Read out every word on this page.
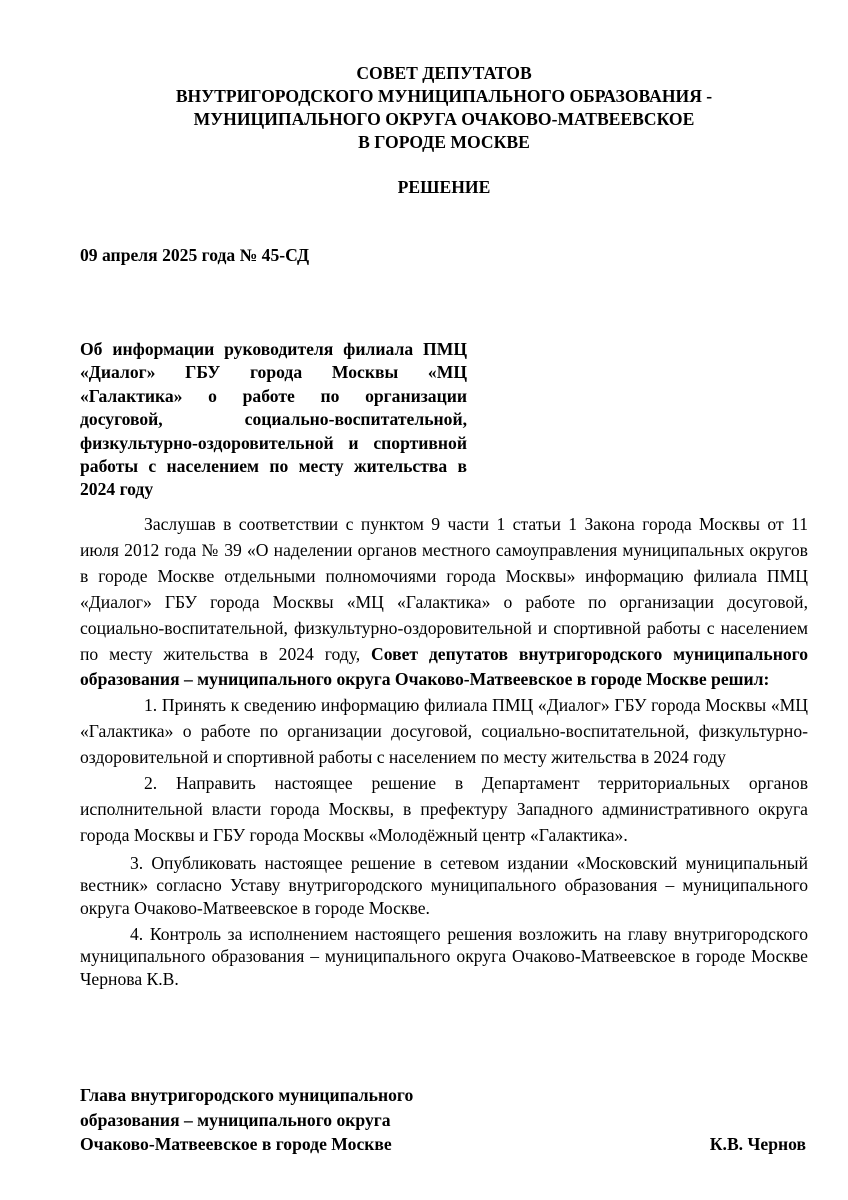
СОВЕТ ДЕПУТАТОВ
ВНУТРИГОРОДСКОГО МУНИЦИПАЛЬНОГО ОБРАЗОВАНИЯ -
МУНИЦИПАЛЬНОГО ОКРУГА ОЧАКОВО-МАТВЕЕВСКОЕ
В ГОРОДЕ МОСКВЕ
РЕШЕНИЕ
09 апреля 2025 года № 45-СД
Об информации руководителя филиала ПМЦ «Диалог» ГБУ города Москвы «МЦ «Галактика» о работе по организации досуговой, социально-воспитательной, физкультурно-оздоровительной и спортивной работы с населением по месту жительства в 2024 году

Заслушав в соответствии с пунктом 9 части 1 статьи 1 Закона города Москвы от 11 июля 2012 года № 39 «О наделении органов местного самоуправления муниципальных округов в городе Москве отдельными полномочиями города Москвы» информацию филиала ПМЦ «Диалог» ГБУ города Москвы «МЦ «Галактика» о работе по организации досуговой, социально-воспитательной, физкультурно-оздоровительной и спортивной работы с населением по месту жительства в 2024 году, Совет депутатов внутригородского муниципального образования – муниципального округа Очаково-Матвеевское в городе Москве решил:

1. Принять к сведению информацию филиала ПМЦ «Диалог» ГБУ города Москвы «МЦ «Галактика» о работе по организации досуговой, социально-воспитательной, физкультурно-оздоровительной и спортивной работы с населением по месту жительства в 2024 году

2. Направить настоящее решение в Департамент территориальных органов исполнительной власти города Москвы, в префектуру Западного административного округа города Москвы и ГБУ города Москвы «Молодёжный центр «Галактика».

3. Опубликовать настоящее решение в сетевом издании «Московский муниципальный вестник» согласно Уставу внутригородского муниципального образования – муниципального округа Очаково-Матвеевское в городе Москве.

4. Контроль за исполнением настоящего решения возложить на главу внутригородского муниципального образования – муниципального округа Очаково-Матвеевское в городе Москве Чернова К.В.

Глава внутригородского муниципального
образования – муниципального округа
Очаково-Матвеевское в городе Москве	К.В. Чернов
